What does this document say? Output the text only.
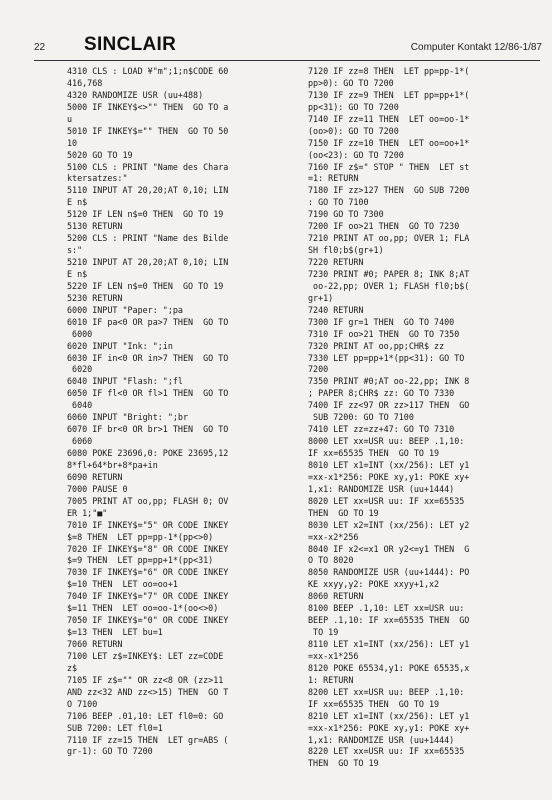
22 SINCLAIR	Computer Kontakt 12/86-1/87
4310 CLS : LOAD ¥"m";1;n$CODE 60
416,768
4320 RANDOMIZE USR (uu+488)
5000 IF INKEY$<>"" THEN  GO TO a
u
5010 IF INKEY$="" THEN  GO TO 50
10
5020 GO TO 19
5100 CLS : PRINT "Name des Chara
ktersatzes:"
5110 INPUT AT 20,20;AT 0,10; LIN
E n$
5120 IF LEN n$=0 THEN  GO TO 19
5130 RETURN
5200 CLS : PRINT "Name des Bilde
s:"
5210 INPUT AT 20,20;AT 0,10; LIN
E n$
5220 IF LEN n$=0 THEN  GO TO 19
5230 RETURN
6000 INPUT "Paper: ";pa
6010 IF pa<0 OR pa>7 THEN  GO TO
6000
6020 INPUT "Ink: ";in
6030 IF in<0 OR in>7 THEN  GO TO
6020
6040 INPUT "Flash: ";fl
6050 IF fl<0 OR fl>1 THEN  GO TO
6040
6060 INPUT "Bright: ";br
6070 IF br<0 OR br>1 THEN  GO TO
6060
6080 POKE 23696,0: POKE 23695,12
8*fl+64*br+8*pa+in
6090 RETURN
7000 PAUSE 0
7005 PRINT AT oo,pp; FLASH 0; OV
ER 1;"■"
7010 IF INKEY$="5" OR CODE INKEY
$=8 THEN  LET pp=pp-1*(pp<>0)
7020 IF INKEY$="8" OR CODE INKEY
$=9 THEN  LET pp=pp+1*(pp<31)
7030 IF INKEY$="6" OR CODE INKEY
$=10 THEN  LET oo=oo+1
7040 IF INKEY$="7" OR CODE INKEY
$=11 THEN  LET oo=oo-1*(oo<>0)
7050 IF INKEY$="0" OR CODE INKEY
$=13 THEN  LET bu=1
7060 RETURN
7100 LET z$=INKEY$: LET zz=CODE
z$
7105 IF z$="" OR zz<8 OR (zz>11
AND zz<32 AND zz<>15) THEN  GO T
O 7100
7106 BEEP .01,10: LET fl0=0: GO
SUB 7200: LET fl0=1
7110 IF zz=15 THEN  LET gr=ABS (
gr-1): GO TO 7200
7120 IF zz=8 THEN  LET pp=pp-1*(
pp>0): GO TO 7200
7130 IF zz=9 THEN  LET pp=pp+1*(
pp<31): GO TO 7200
7140 IF zz=11 THEN  LET oo=oo-1*
(oo>0): GO TO 7200
7150 IF zz=10 THEN  LET oo=oo+1*
(oo<23): GO TO 7200
7160 IF z$=" STOP " THEN  LET st
=1: RETURN
7180 IF zz>127 THEN  GO SUB 7200
: GO TO 7100
7190 GO TO 7300
7200 IF oo>21 THEN  GO TO 7230
7210 PRINT AT oo,pp; OVER 1; FLA
SH fl0;b$(gr+1)
7220 RETURN
7230 PRINT #0; PAPER 8; INK 8;AT
oo-22,pp; OVER 1; FLASH fl0;b$(
gr+1)
7240 RETURN
7300 IF gr=1 THEN  GO TO 7400
7310 IF oo>21 THEN  GO TO 7350
7320 PRINT AT oo,pp;CHR$ zz
7330 LET pp=pp+1*(pp<31): GO TO
7200
7350 PRINT #0;AT oo-22,pp; INK 8
; PAPER 8;CHR$ zz: GO TO 7330
7400 IF zz<97 OR zz>117 THEN  GO
SUB 7200: GO TO 7100
7410 LET zz=zz+47: GO TO 7310
8000 LET xx=USR uu: BEEP .1,10:
IF xx=65535 THEN  GO TO 19
8010 LET x1=INT (xx/256): LET y1
=xx-x1*256: POKE xy,y1: POKE xy+
1,x1: RANDOMIZE USR (uu+1444)
8020 LET xx=USR uu: IF xx=65535
THEN  GO TO 19
8030 LET x2=INT (xx/256): LET y2
=xx-x2*256
8040 IF x2<=x1 OR y2<=y1 THEN  G
O TO 8020
8050 RANDOMIZE USR (uu+1444): PO
KE xxyy,y2: POKE xxyy+1,x2
8060 RETURN
8100 BEEP .1,10: LET xx=USR uu:
BEEP .1,10: IF xx=65535 THEN  GO
TO 19
8110 LET x1=INT (xx/256): LET y1
=xx-x1*256
8120 POKE 65534,y1: POKE 65535,x
1: RETURN
8200 LET xx=USR uu: BEEP .1,10:
IF xx=65535 THEN  GO TO 19
8210 LET x1=INT (xx/256): LET y1
=xx-x1*256: POKE xy,y1: POKE xy+
1,x1: RANDOMIZE USR (uu+1444)
8220 LET xx=USR uu: IF xx=65535
THEN  GO TO 19
